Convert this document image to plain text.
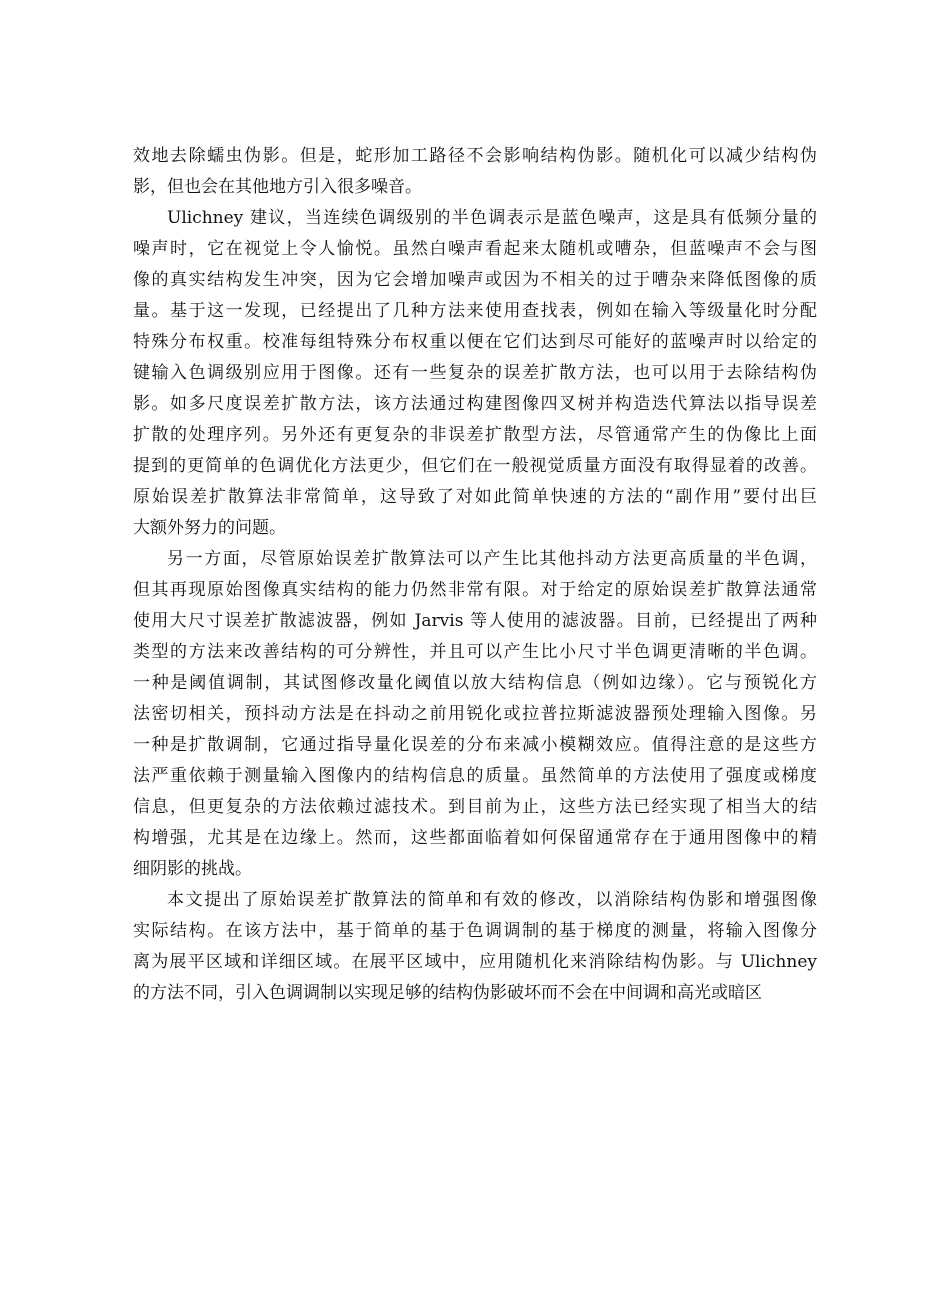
效地去除蠕虫伪影。但是，蛇形加工路径不会影响结构伪影。随机化可以减少结构伪
影，但也会在其他地方引入很多噪音。
Ulichney 建议，当连续色调级别的半色调表示是蓝色噪声，这是具有低频分量的
噪声时，它在视觉上令人愉悦。虽然白噪声看起来太随机或嘈杂，但蓝噪声不会与图
像的真实结构发生冲突，因为它会增加噪声或因为不相关的过于嘈杂来降低图像的质
量。基于这一发现，已经提出了几种方法来使用查找表，例如在输入等级量化时分配
特殊分布权重。校准每组特殊分布权重以便在它们达到尽可能好的蓝噪声时以给定的
键输入色调级别应用于图像。还有一些复杂的误差扩散方法，也可以用于去除结构伪
影。如多尺度误差扩散方法，该方法通过构建图像四叉树并构造迭代算法以指导误差
扩散的处理序列。另外还有更复杂的非误差扩散型方法，尽管通常产生的伪像比上面
提到的更简单的色调优化方法更少，但它们在一般视觉质量方面没有取得显着的改善。
原始误差扩散算法非常简单，这导致了对如此简单快速的方法的“副作用”要付出巨
大额外努力的问题。
另一方面，尽管原始误差扩散算法可以产生比其他抖动方法更高质量的半色调，
但其再现原始图像真实结构的能力仍然非常有限。对于给定的原始误差扩散算法通常
使用大尺寸误差扩散滤波器，例如 Jarvis 等人使用的滤波器。目前，已经提出了两种
类型的方法来改善结构的可分辨性，并且可以产生比小尺寸半色调更清晰的半色调。
一种是阈值调制，其试图修改量化阈值以放大结构信息（例如边缘）。它与预锐化方
法密切相关，预抖动方法是在抖动之前用锐化或拉普拉斯滤波器预处理输入图像。另
一种是扩散调制，它通过指导量化误差的分布来减小模糊效应。值得注意的是这些方
法严重依赖于测量输入图像内的结构信息的质量。虽然简单的方法使用了强度或梯度
信息，但更复杂的方法依赖过滤技术。到目前为止，这些方法已经实现了相当大的结
构增强，尤其是在边缘上。然而，这些都面临着如何保留通常存在于通用图像中的精
细阴影的挑战。
本文提出了原始误差扩散算法的简单和有效的修改，以消除结构伪影和增强图像
实际结构。在该方法中，基于简单的基于色调调制的基于梯度的测量，将输入图像分
离为展平区域和详细区域。在展平区域中，应用随机化来消除结构伪影。与 Ulichney
的方法不同，引入色调调制以实现足够的结构伪影破坏而不会在中间调和高光或暗区
